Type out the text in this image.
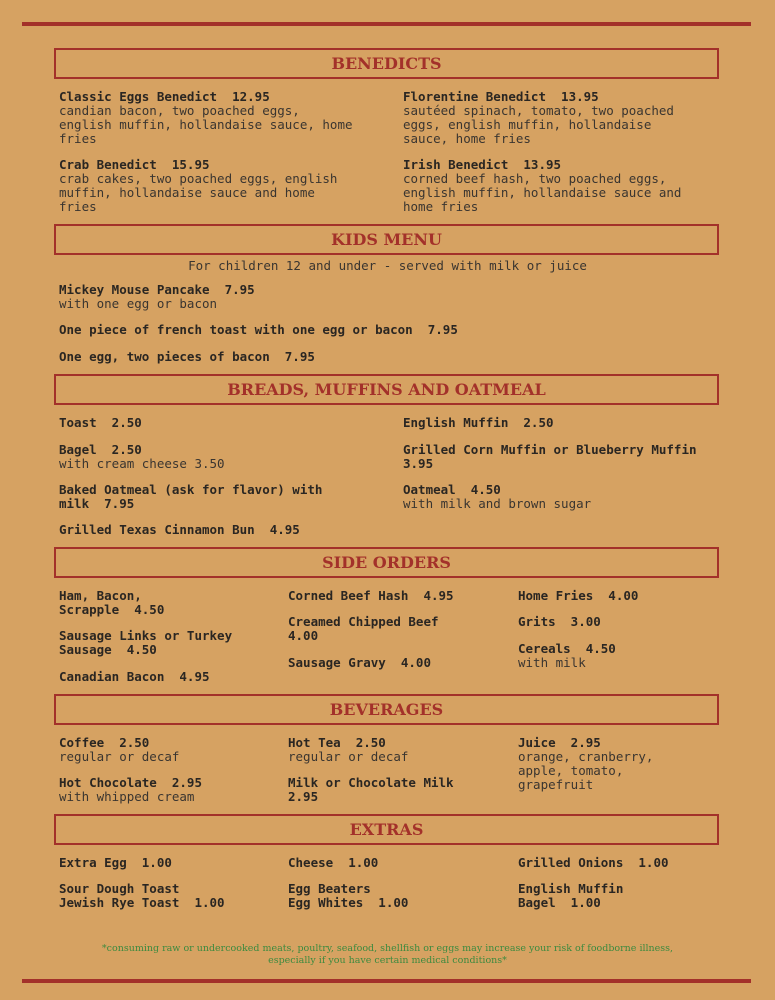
BENEDICTS
Classic Eggs Benedict  12.95
candian bacon, two poached eggs,
english muffin, hollandaise sauce, home
fries
Florentine Benedict  13.95
sautéed spinach, tomato, two poached
eggs, english muffin, hollandaise
sauce, home fries
Crab Benedict  15.95
crab cakes, two poached eggs, english
muffin, hollandaise sauce and home
fries
Irish Benedict  13.95
corned beef hash, two poached eggs,
english muffin, hollandaise sauce and
home fries
KIDS MENU
For children 12 and under - served with milk or juice
Mickey Mouse Pancake  7.95
with one egg or bacon
One piece of french toast with one egg or bacon  7.95
One egg, two pieces of bacon  7.95
BREADS, MUFFINS AND OATMEAL
Toast  2.50	English Muffin  2.50
Bagel  2.50
with cream cheese 3.50
Grilled Corn Muffin or Blueberry Muffin
3.95
Baked Oatmeal (ask for flavor) with
milk  7.95
Oatmeal  4.50
with milk and brown sugar
Grilled Texas Cinnamon Bun  4.95
SIDE ORDERS
Ham, Bacon,
Scrapple  4.50
Sausage Links or Turkey
Sausage  4.50
Canadian Bacon  4.95
Corned Beef Hash  4.95
Creamed Chipped Beef
4.00
Sausage Gravy  4.00
Home Fries  4.00
Grits  3.00
Cereals  4.50
with milk
BEVERAGES
Coffee  2.50
regular or decaf
Hot Chocolate  2.95
with whipped cream
Hot Tea  2.50
regular or decaf
Milk or Chocolate Milk
2.95
Juice  2.95
orange, cranberry,
apple, tomato,
grapefruit
EXTRAS
Extra Egg  1.00
Sour Dough Toast
Jewish Rye Toast  1.00
Cheese  1.00
Egg Beaters
Egg Whites  1.00
Grilled Onions  1.00
English Muffin
Bagel  1.00
*consuming raw or undercooked meats, poultry, seafood, shellfish or eggs may increase your risk of foodborne illness,
especially if you have certain medical conditions*
